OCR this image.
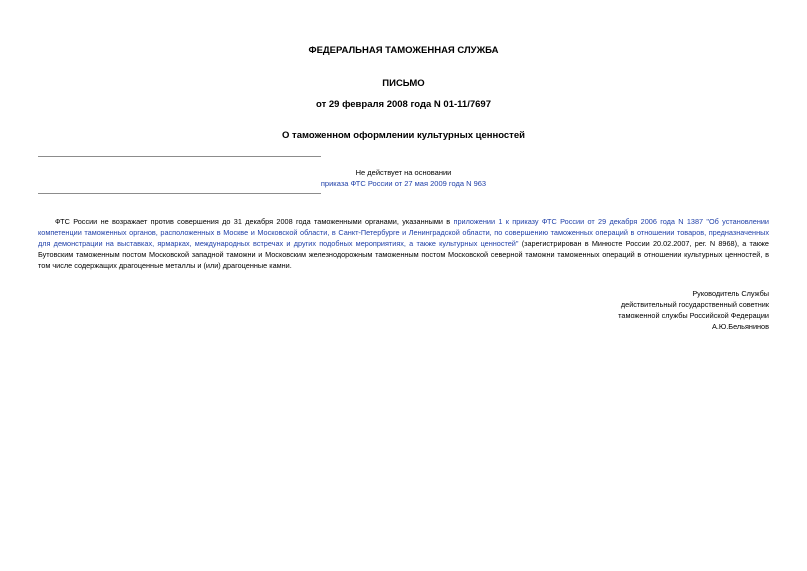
ФЕДЕРАЛЬНАЯ ТАМОЖЕННАЯ СЛУЖБА
ПИСЬМО
от 29 февраля 2008 года N 01-11/7697
О таможенном оформлении культурных ценностей
Не действует на основании
приказа ФТС России от 27 мая 2009 года N 963
ФТС России не возражает против совершения до 31 декабря 2008 года таможенными органами, указанными в приложении 1 к приказу ФТС России от 29 декабря 2006 года N 1387 "Об установлении компетенции таможенных органов, расположенных в Москве и Московской области, в Санкт-Петербурге и Ленинградской области, по совершению таможенных операций в отношении товаров, предназначенных для демонстрации на выставках, ярмарках, международных встречах и других подобных мероприятиях, а также культурных ценностей" (зарегистрирован в Минюсте России 20.02.2007, рег. N 8968), а также Бутовским таможенным постом Московской западной таможни и Московским железнодорожным таможенным постом Московской северной таможни таможенных операций в отношении культурных ценностей, в том числе содержащих драгоценные металлы и (или) драгоценные камни.
Руководитель Службы
действительный государственный советник
таможенной службы Российской Федерации
А.Ю.Бельянинов
